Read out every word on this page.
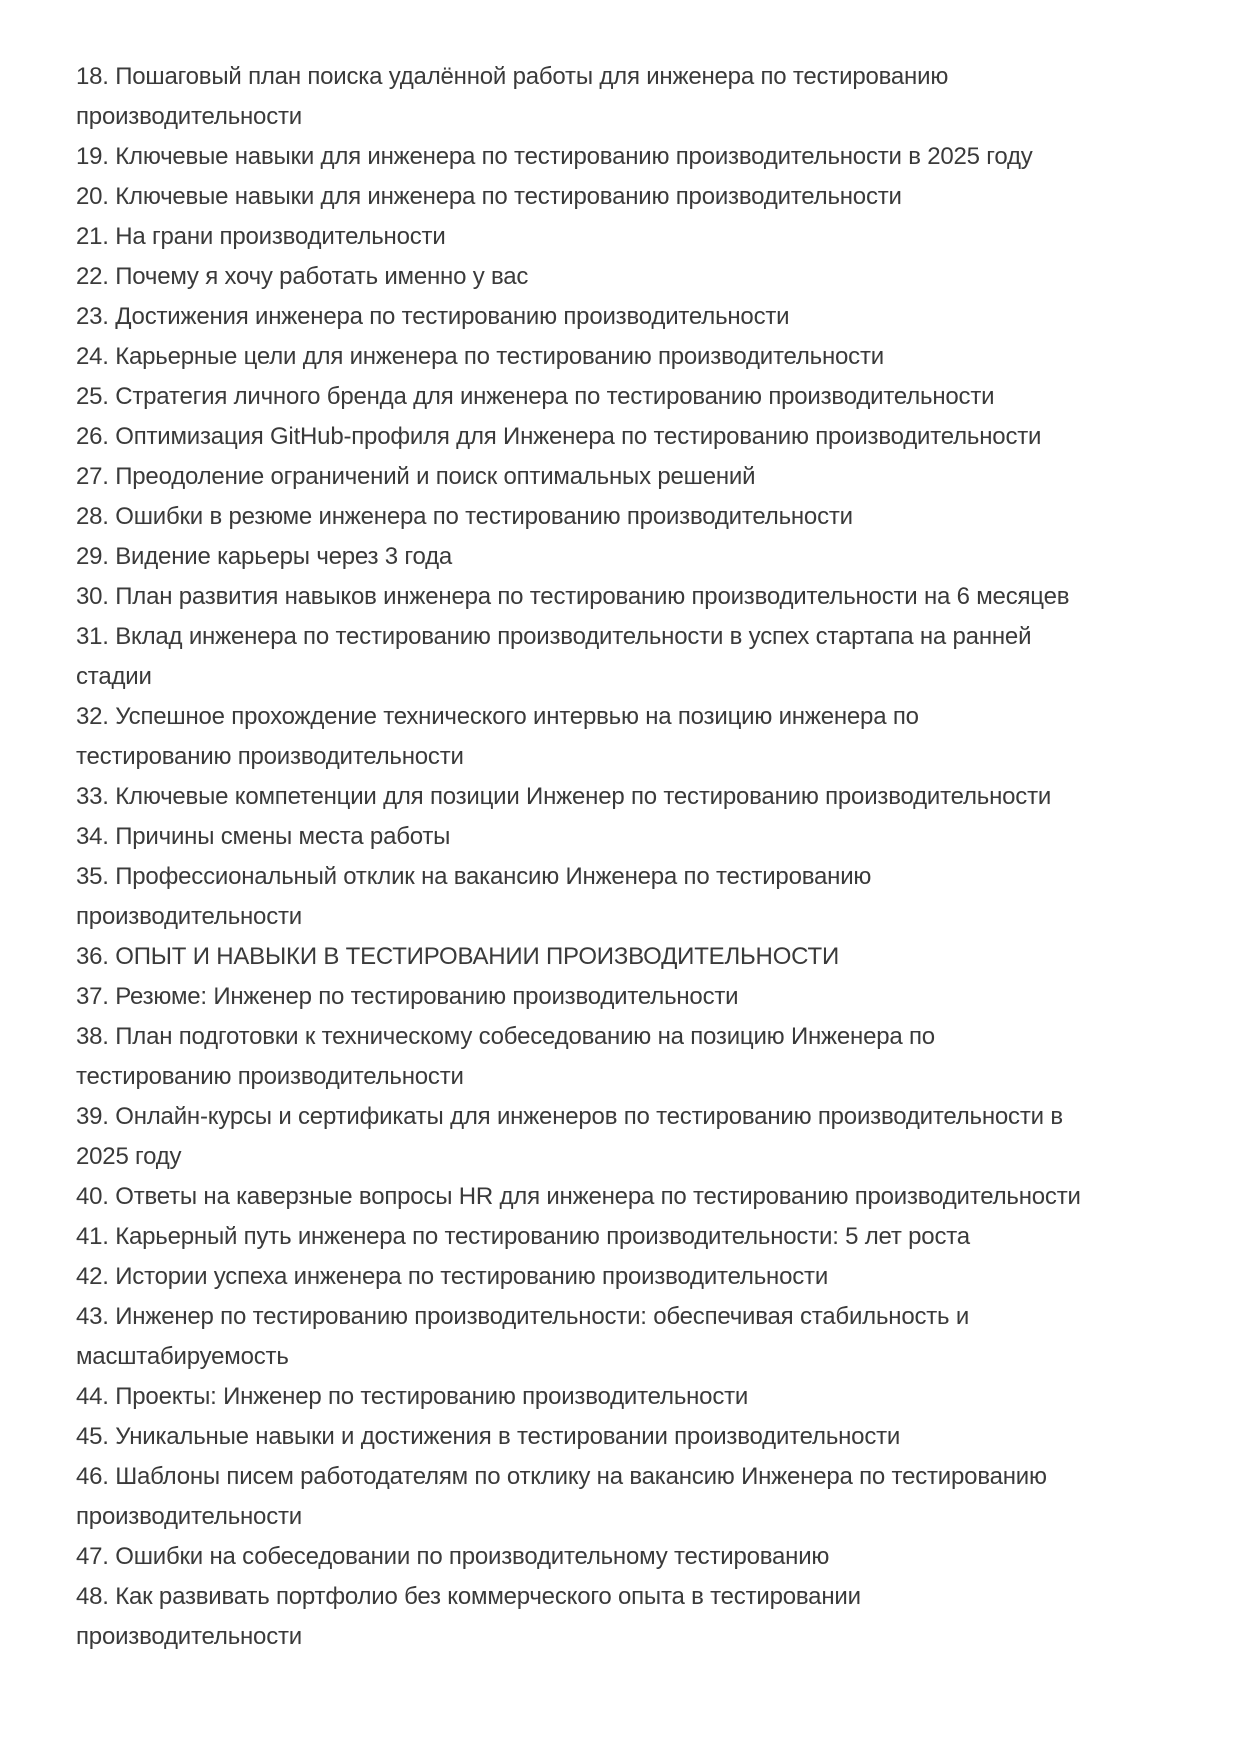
18. Пошаговый план поиска удалённой работы для инженера по тестированию

производительности

19. Ключевые навыки для инженера по тестированию производительности в 2025 году

20. Ключевые навыки для инженера по тестированию производительности

21. На грани производительности

22. Почему я хочу работать именно у вас

23. Достижения инженера по тестированию производительности

24. Карьерные цели для инженера по тестированию производительности

25. Стратегия личного бренда для инженера по тестированию производительности

26. Оптимизация GitHub-профиля для Инженера по тестированию производительности

27. Преодоление ограничений и поиск оптимальных решений

28. Ошибки в резюме инженера по тестированию производительности

29. Видение карьеры через 3 года

30. План развития навыков инженера по тестированию производительности на 6 месяцев

31. Вклад инженера по тестированию производительности в успех стартапа на ранней

стадии

32. Успешное прохождение технического интервью на позицию инженера по

тестированию производительности

33. Ключевые компетенции для позиции Инженер по тестированию производительности

34. Причины смены места работы

35. Профессиональный отклик на вакансию Инженера по тестированию

производительности

36. ОПЫТ И НАВЫКИ В ТЕСТИРОВАНИИ ПРОИЗВОДИТЕЛЬНОСТИ

37. Резюме: Инженер по тестированию производительности

38. План подготовки к техническому собеседованию на позицию Инженера по

тестированию производительности

39. Онлайн-курсы и сертификаты для инженеров по тестированию производительности в

2025 году

40. Ответы на каверзные вопросы HR для инженера по тестированию производительности

41. Карьерный путь инженера по тестированию производительности: 5 лет роста

42. Истории успеха инженера по тестированию производительности

43. Инженер по тестированию производительности: обеспечивая стабильность и

масштабируемость

44. Проекты: Инженер по тестированию производительности

45. Уникальные навыки и достижения в тестировании производительности

46. Шаблоны писем работодателям по отклику на вакансию Инженера по тестированию

производительности

47. Ошибки на собеседовании по производительному тестированию

48. Как развивать портфолио без коммерческого опыта в тестировании

производительности
